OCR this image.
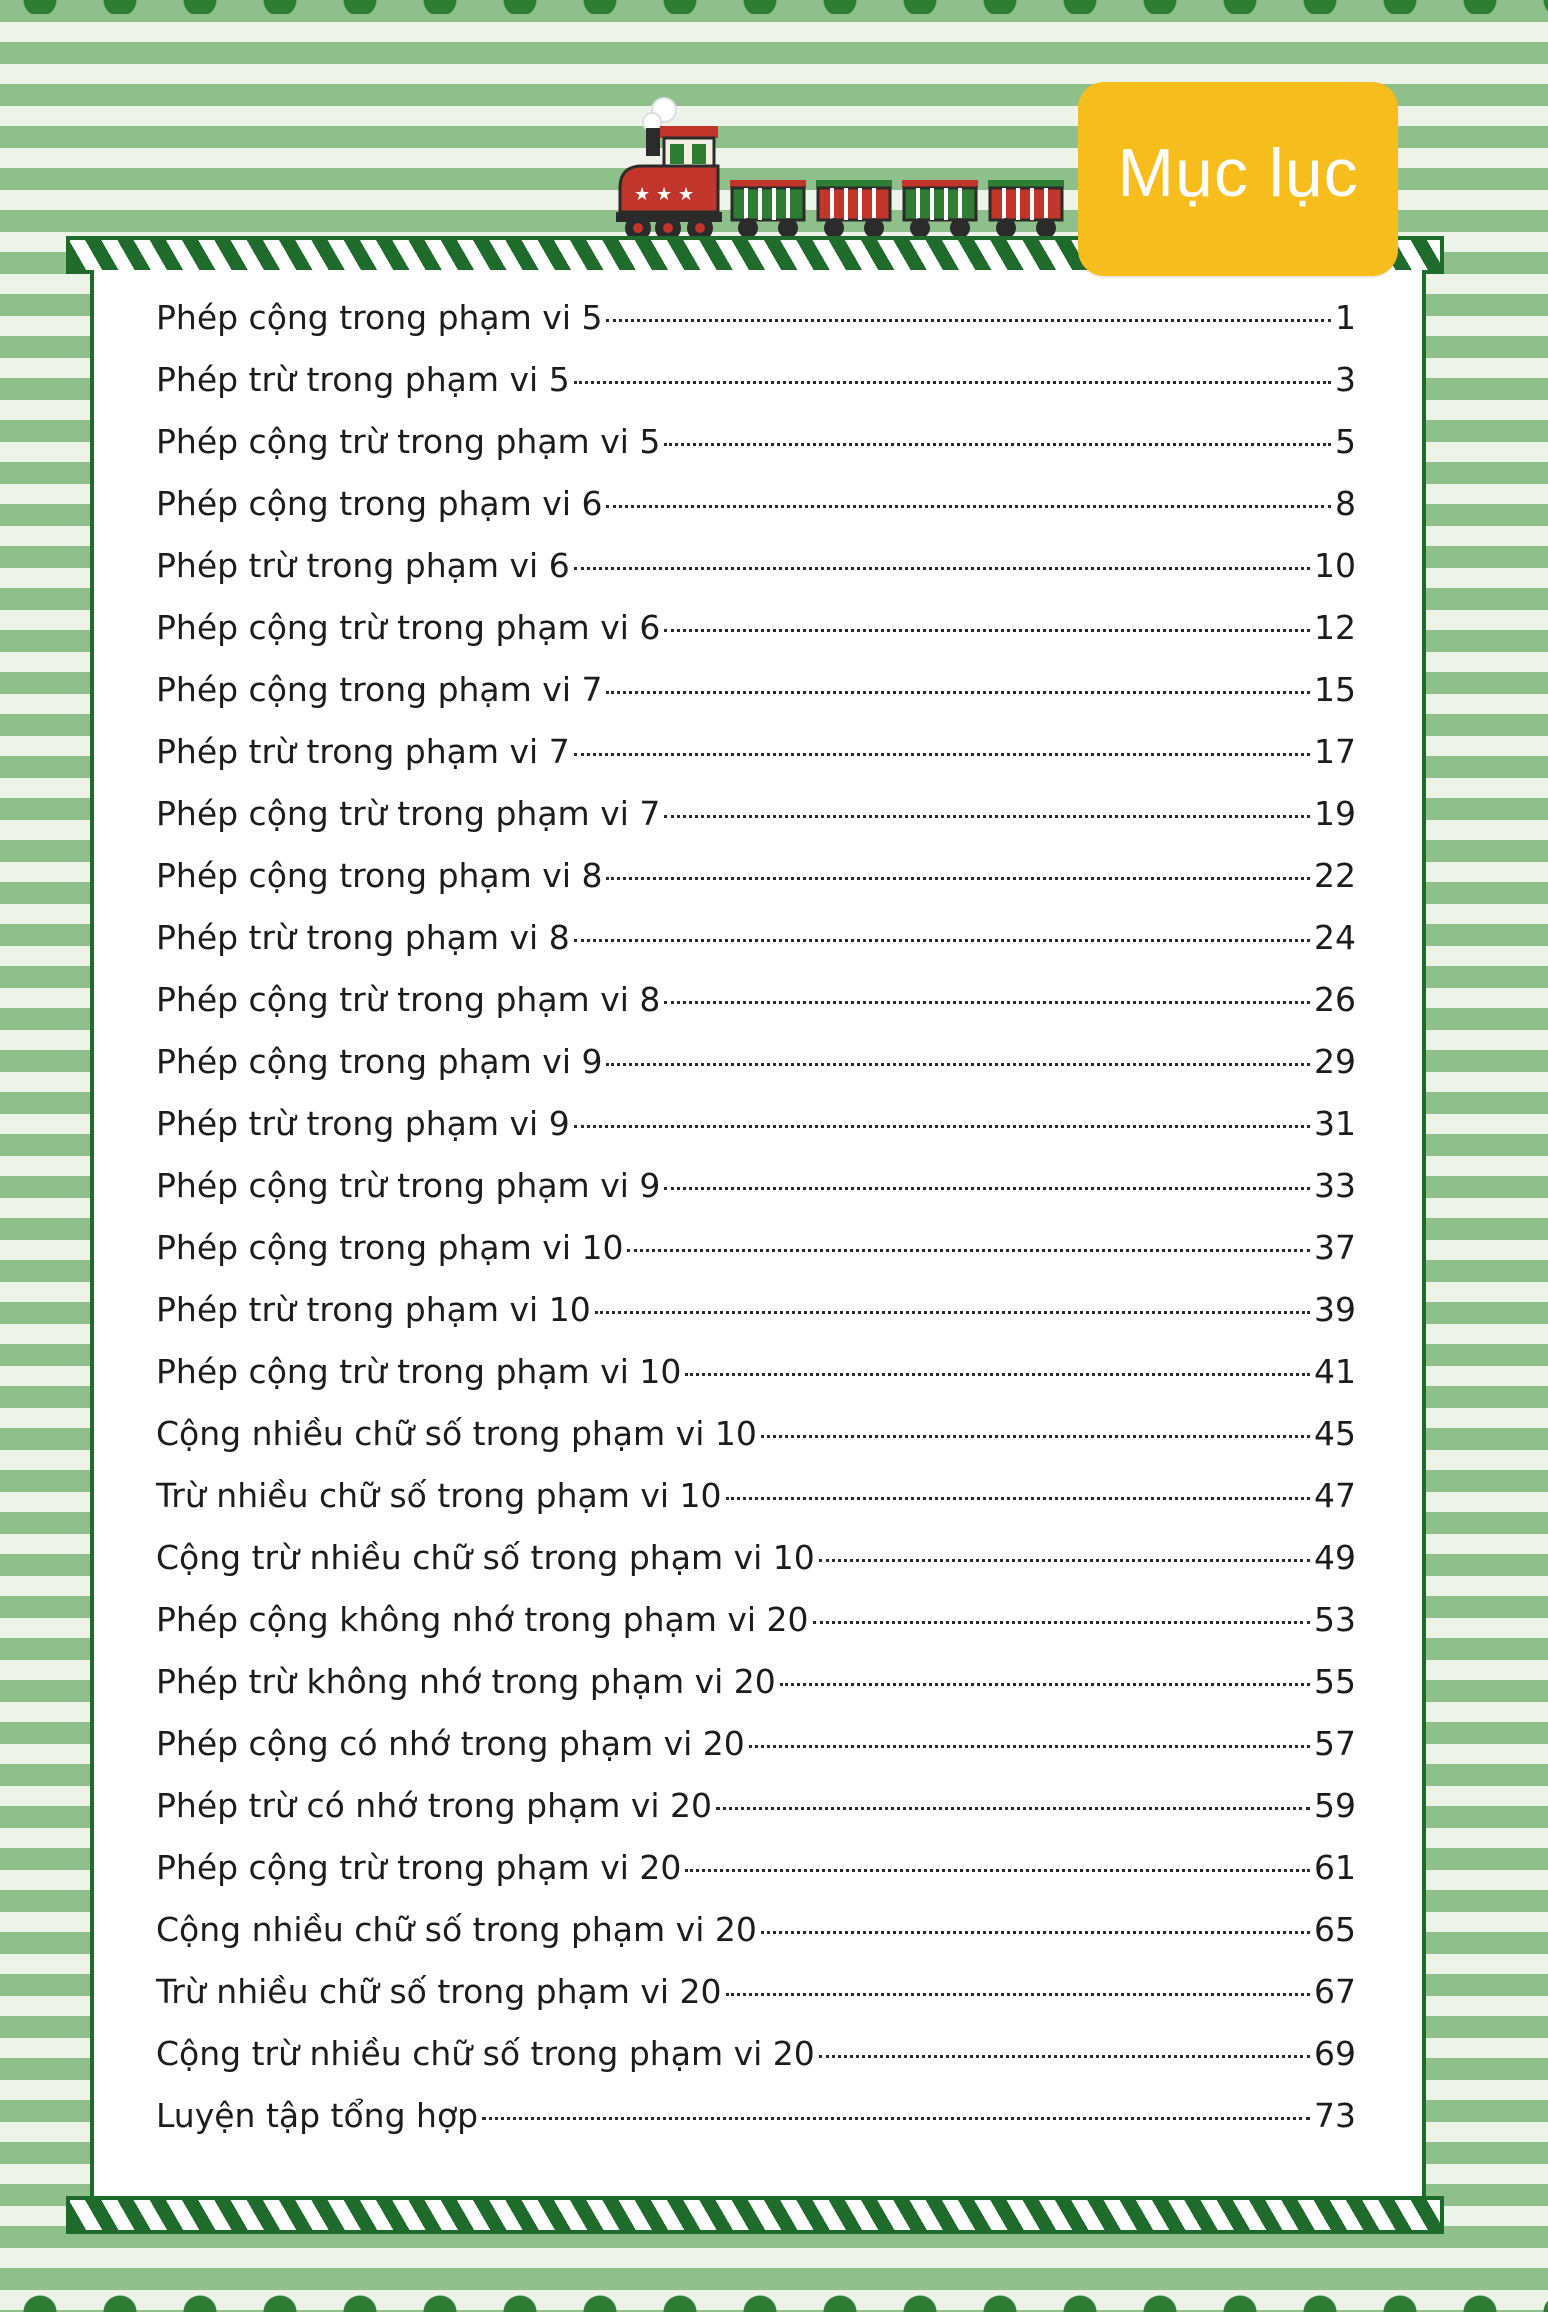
★ ★ ★	Mục lục
Phép cộng trong phạm vi 5	1
Phép trừ trong phạm vi 5	3
Phép cộng trừ trong phạm vi 5	5
Phép cộng trong phạm vi 6	8
Phép trừ trong phạm vi 6	10
Phép cộng trừ trong phạm vi 6	12
Phép cộng trong phạm vi 7	15
Phép trừ trong phạm vi 7	17
Phép cộng trừ trong phạm vi 7	19
Phép cộng trong phạm vi 8	22
Phép trừ trong phạm vi 8	24
Phép cộng trừ trong phạm vi 8	26
Phép cộng trong phạm vi 9	29
Phép trừ trong phạm vi 9	31
Phép cộng trừ trong phạm vi 9	33
Phép cộng trong phạm vi 10	37
Phép trừ trong phạm vi 10	39
Phép cộng trừ trong phạm vi 10	41
Cộng nhiều chữ số trong phạm vi 10	45
Trừ nhiều chữ số trong phạm vi 10	47
Cộng trừ nhiều chữ số trong phạm vi 10	49
Phép cộng không nhớ trong phạm vi 20	53
Phép trừ không nhớ trong phạm vi 20	55
Phép cộng có nhớ trong phạm vi 20	57
Phép trừ có nhớ trong phạm vi 20	59
Phép cộng trừ trong phạm vi 20	61
Cộng nhiều chữ số trong phạm vi 20	65
Trừ nhiều chữ số trong phạm vi 20	67
Cộng trừ nhiều chữ số trong phạm vi 20	69
Luyện tập tổng hợp	73
